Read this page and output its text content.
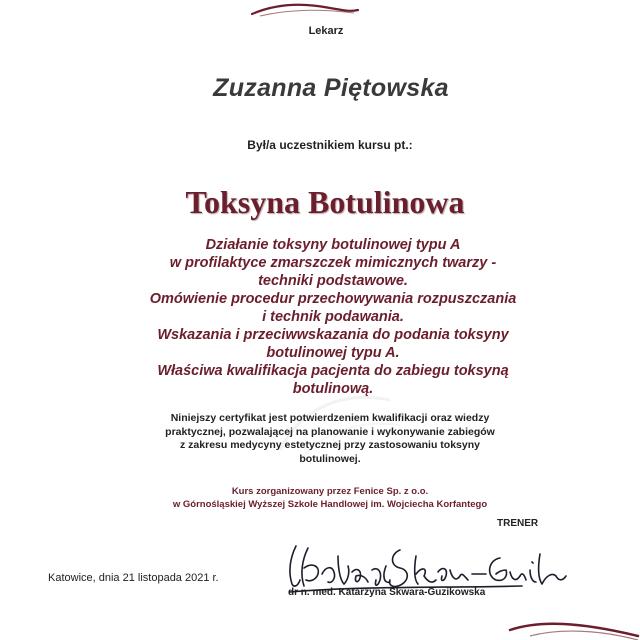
Lekarz
Zuzanna Piętowska
Był/a uczestnikiem kursu pt.:
Toksyna Botulinowa
Działanie toksyny botulinowej typu A
w profilaktyce zmarszczek mimicznych twarzy -
techniki podstawowe.
Omówienie procedur przechowywania rozpuszczania
i technik podawania.
Wskazania i przeciwwskazania do podania toksyny
botulinowej typu A.
Właściwa kwalifikacja pacjenta do zabiegu toksyną
botulinową.
Niniejszy certyfikat jest potwierdzeniem kwalifikacji oraz wiedzy
praktycznej, pozwalającej na planowanie i wykonywanie zabiegów
z zakresu medycyny estetycznej przy zastosowaniu toksyny
botulinowej.
Kurs zorganizowany przez Fenice Sp. z o.o.
w Górnośląskiej Wyższej Szkole Handlowej im. Wojciecha Korfantego
TRENER
Katowice, dnia 21 listopada 2021 r.
dr n. med. Katarzyna Skwara-Guzikowska
